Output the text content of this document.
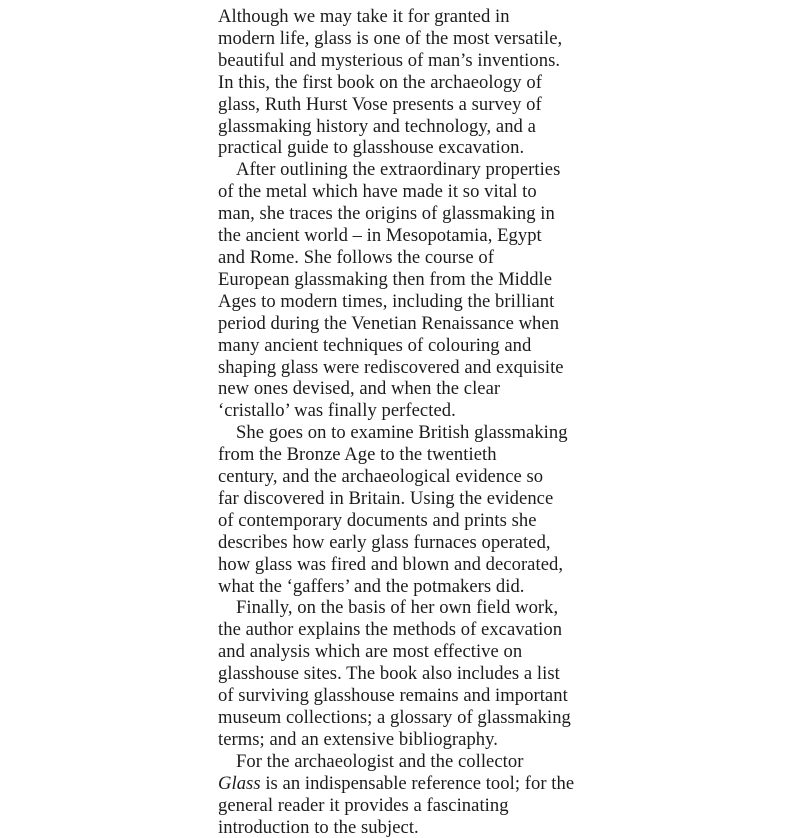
Although we may take it for granted in
modern life, glass is one of the most versatile,
beautiful and mysterious of man’s inventions.
In this, the first book on the archaeology of
glass, Ruth Hurst Vose presents a survey of
glassmaking history and technology, and a
practical guide to glasshouse excavation.

After outlining the extraordinary properties
of the metal which have made it so vital to
man, she traces the origins of glassmaking in
the ancient world – in Mesopotamia, Egypt
and Rome. She follows the course of
European glassmaking then from the Middle
Ages to modern times, including the brilliant
period during the Venetian Renaissance when
many ancient techniques of colouring and
shaping glass were rediscovered and exquisite
new ones devised, and when the clear
‘cristallo’ was finally perfected.

She goes on to examine British glassmaking
from the Bronze Age to the twentieth
century, and the archaeological evidence so
far discovered in Britain. Using the evidence
of contemporary documents and prints she
describes how early glass furnaces operated,
how glass was fired and blown and decorated,
what the ‘gaffers’ and the potmakers did.

Finally, on the basis of her own field work,
the author explains the methods of excavation
and analysis which are most effective on
glasshouse sites. The book also includes a list
of surviving glasshouse remains and important
museum collections; a glossary of glassmaking
terms; and an extensive bibliography.

For the archaeologist and the collector
Glass is an indispensable reference tool; for the
general reader it provides a fascinating
introduction to the subject.
